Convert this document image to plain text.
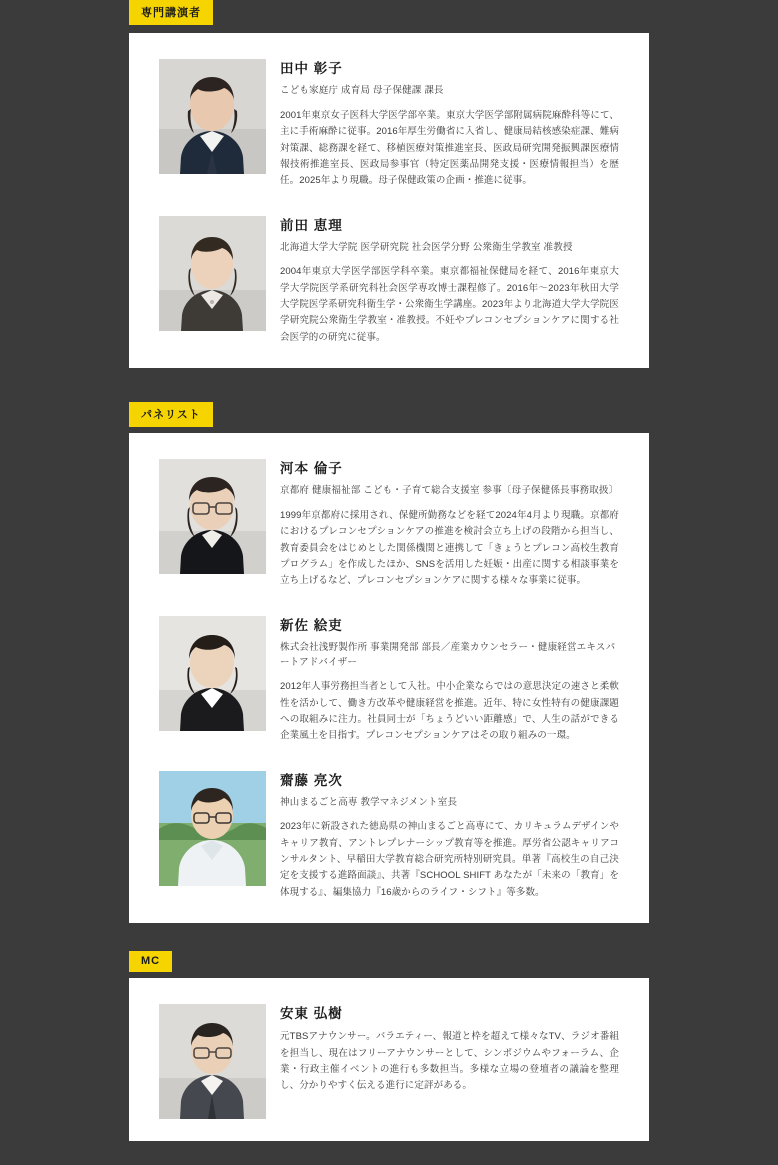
専門講演者
田中 彰子
こども家庭庁 成育局 母子保健課 課長
2001年東京女子医科大学医学部卒業。東京大学医学部附属病院麻酔科等にて、主に手術麻酔に従事。2016年厚生労働省に入省し、健康局結核感染症課、難病対策課、総務課を経て、移植医療対策推進室長、医政局研究開発振興課医療情報技術推進室長、医政局参事官（特定医薬品開発支援・医療情報担当）を歴任。2025年より現職。母子保健政策の企画・推進に従事。
前田 恵理
北海道大学大学院 医学研究院 社会医学分野 公衆衛生学教室 准教授
2004年東京大学医学部医学科卒業。東京都福祉保健局を経て、2016年東京大学大学院医学系研究科社会医学専攻博士課程修了。2016年〜2023年秋田大学大学院医学系研究科衛生学・公衆衛生学講座。2023年より北海道大学大学院医学研究院公衆衛生学教室・准教授。不妊やプレコンセプションケアに関する社会医学的の研究に従事。
パネリスト
河本 倫子
京都府 健康福祉部 こども・子育て総合支援室 参事〔母子保健係長事務取扱〕
1999年京都府に採用され、保健所勤務などを経て2024年4月より現職。京都府におけるプレコンセプションケアの推進を検討会立ち上げの段階から担当し、教育委員会をはじめとした関係機関と連携して「きょうとプレコン高校生教育プログラム」を作成したほか、SNSを活用した妊娠・出産に関する相談事業を立ち上げるなど、プレコンセプションケアに関する様々な事業に従事。
新佐 絵吏
株式会社浅野製作所 事業開発部 部長／産業カウンセラー・健康経営エキスパートアドバイザー
2012年人事労務担当者として入社。中小企業ならではの意思決定の速さと柔軟性を活かして、働き方改革や健康経営を推進。近年、特に女性特有の健康課題への取組みに注力。社員同士が「ちょうどいい距離感」で、人生の話ができる企業風土を目指す。プレコンセプションケアはその取り組みの一環。
齋藤 亮次
神山まるごと高専 教学マネジメント室長
2023年に新設された徳島県の神山まるごと高専にて、カリキュラムデザインやキャリア教育、アントレプレナーシップ教育等を推進。厚労省公認キャリアコンサルタント、早稲田大学教育総合研究所特別研究員。単著『高校生の自己決定を支援する進路面談』、共著『SCHOOL SHIFT あなたが「未来の「教育」を体現する』、編集協力『16歳からのライフ・シフト』等多数。
MC
安東 弘樹
元TBSアナウンサー。バラエティー、報道と枠を超えて様々なTV、ラジオ番組を担当し、現在はフリーアナウンサーとして、シンポジウムやフォーラム、企業・行政主催イベントの進行も多数担当。多様な立場の登壇者の議論を整理し、分かりやすく伝える進行に定評がある。
